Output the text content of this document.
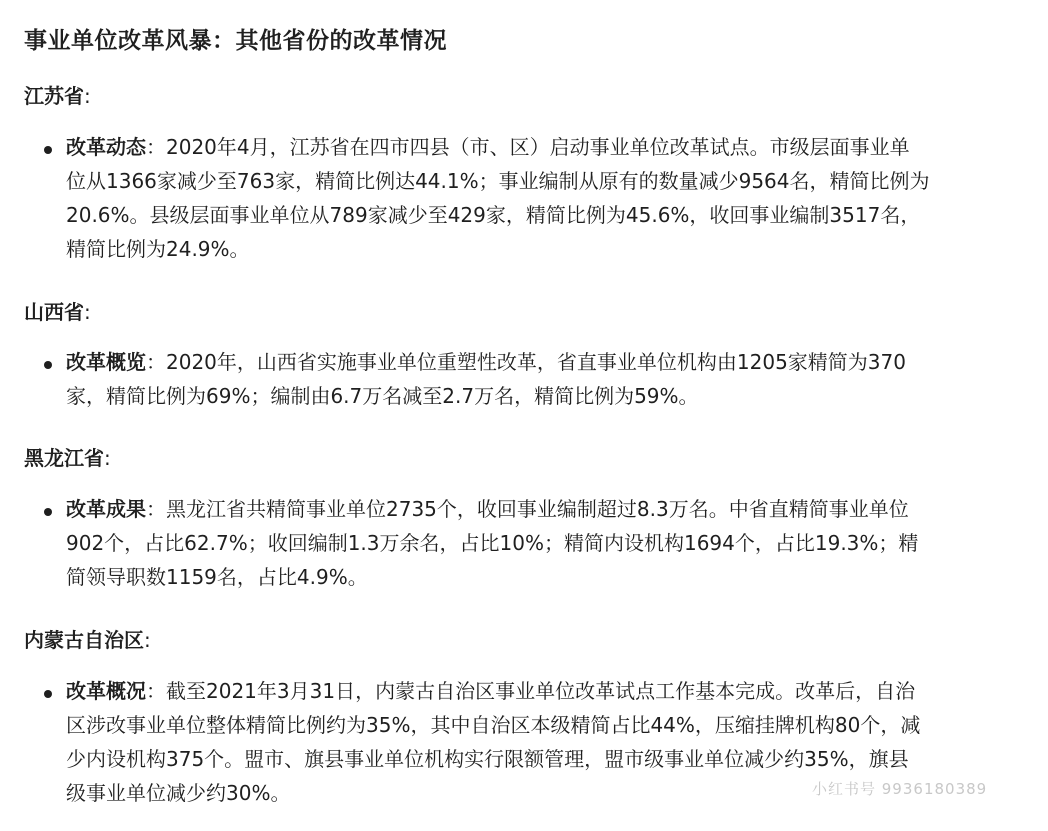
事业单位改革风暴：其他省份的改革情况
江苏省:
改革动态：2020年4月，江苏省在四市四县（市、区）启动事业单位改革试点。市级层面事业单
位从1366家减少至763家，精简比例达44.1%；事业编制从原有的数量减少9564名，精简比例为
20.6%。县级层面事业单位从789家减少至429家，精简比例为45.6%，收回事业编制3517名，
精简比例为24.9%。
山西省:
改革概览：2020年，山西省实施事业单位重塑性改革，省直事业单位机构由1205家精简为370
家，精简比例为69%；编制由6.7万名减至2.7万名，精简比例为59%。
黑龙江省:
改革成果：黑龙江省共精简事业单位2735个，收回事业编制超过8.3万名。中省直精简事业单位
902个，占比62.7%；收回编制1.3万余名，占比10%；精简内设机构1694个，占比19.3%；精
简领导职数1159名，占比4.9%。
内蒙古自治区:
改革概况：截至2021年3月31日，内蒙古自治区事业单位改革试点工作基本完成。改革后，自治
区涉改事业单位整体精简比例约为35%，其中自治区本级精简占比44%，压缩挂牌机构80个，减
少内设机构375个。盟市、旗县事业单位机构实行限额管理，盟市级事业单位减少约35%，旗县
级事业单位减少约30%。	小红书号 9936180389
